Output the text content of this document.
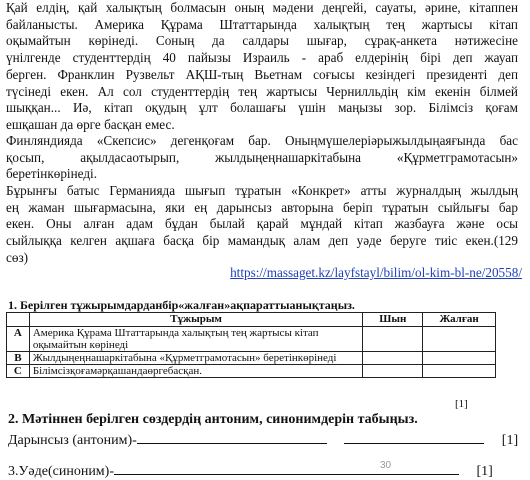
Қай елдің, қай халықтың болмасын оның мәдени деңгейі, сауаты, әрине, кітаппен
байланысты. Америка Құрама Штаттарында халықтың тең жартысы кітап
оқымайтын көрінеді. Соның да салдары шығар, сұрақ-анкета нәтижесіне
үнілгенде студенттердің 40 пайызы Израиль - араб елдерінің бірі деп жауап
берген. Франклин Рузвельт АҚШ-тың Вьетнам соғысы кезіндегі президенті деп
түсінеді екен. Ал сол студенттердің тең жартысы Чернилльдің кім екенін білмей
шыққан... Иә, кітап оқудың ұлт болашағы үшін маңызы зор. Білімсіз қоғам
ешқашан да өрге басқан емес.
Финляндияда «Скепсис» дегенқоғам бар. Оныңмүшелеріәрыжылдыңаяғында бас
қосып, ақылдасаотырып, жылдыңеңнашаркітабына «Құрметграмотасын»
беретінкөрінеді.
Бұрынғы батыс Германияда шығып тұратын «Конкрет» атты журналдың жылдың
ең жаман шығармасына, яки ең дарынсыз авторына беріп тұратын сыйлығы бар
екен. Оны алған адам бұдан былай қарай мұндай кітап жазбауға және осы
сыйлыққа келген ақшаға басқа бір мамандық алам деп уәде беруге тиіс екен.(129
сөз)
https://massaget.kz/layfstayl/bilim/ol-kim-bl-ne/20558/
1. Берілген тұжырымдарданбір«жалған»ақпараттыанықтаңыз.
	Тұжырым	Шын	Жалған
A	Америка Құрама Штаттарында халықтың тең жартысы кітап оқымайтын көрінеді		
B	Жылдыңеңнашаркітабына «Құрметграмотасын» беретінкөрінеді		
C	Білімсізқоғамәрқашандаөргебасқан.		
[1]
2. Мәтіннен берілген сөздердің антоним, синонимдерін табыңыз.
Дарынсыз (антоним)-	[1]
30
3.Уәде(синоним)-	[1]
